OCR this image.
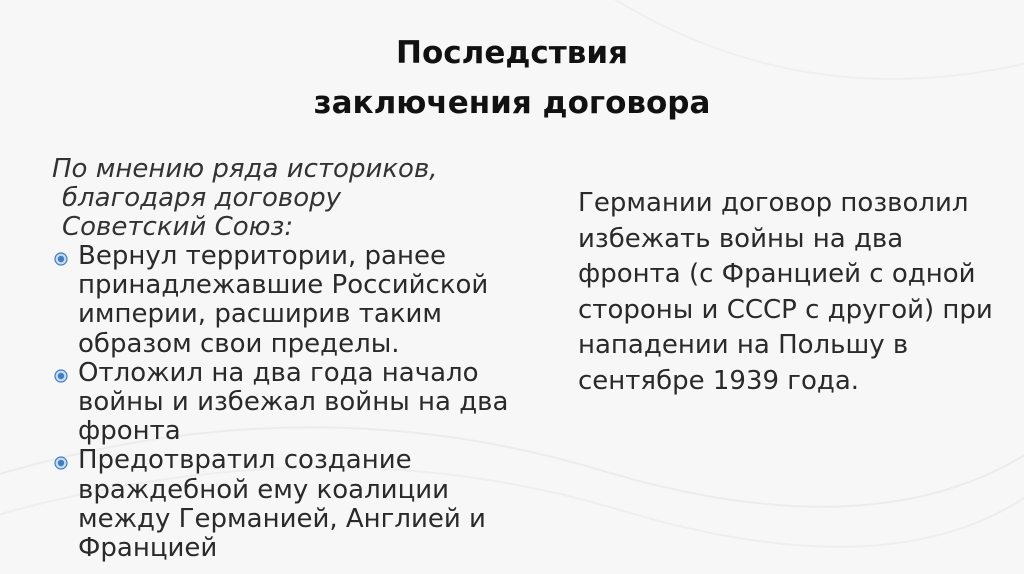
Последствия
заключения договора
По мнению ряда историков,
благодаря договору
Советский Союз:
Вернул территории, ранее принадлежавшие Российской империи, расширив таким образом свои пределы.
Отложил на два года начало войны и избежал войны на два фронта
Предотвратил создание враждебной ему коалиции между Германией, Англией и Францией
Германии договор позволил избежать войны на два фронта (с Францией с одной стороны и СССР с другой) при нападении на Польшу в сентябре 1939 года.
